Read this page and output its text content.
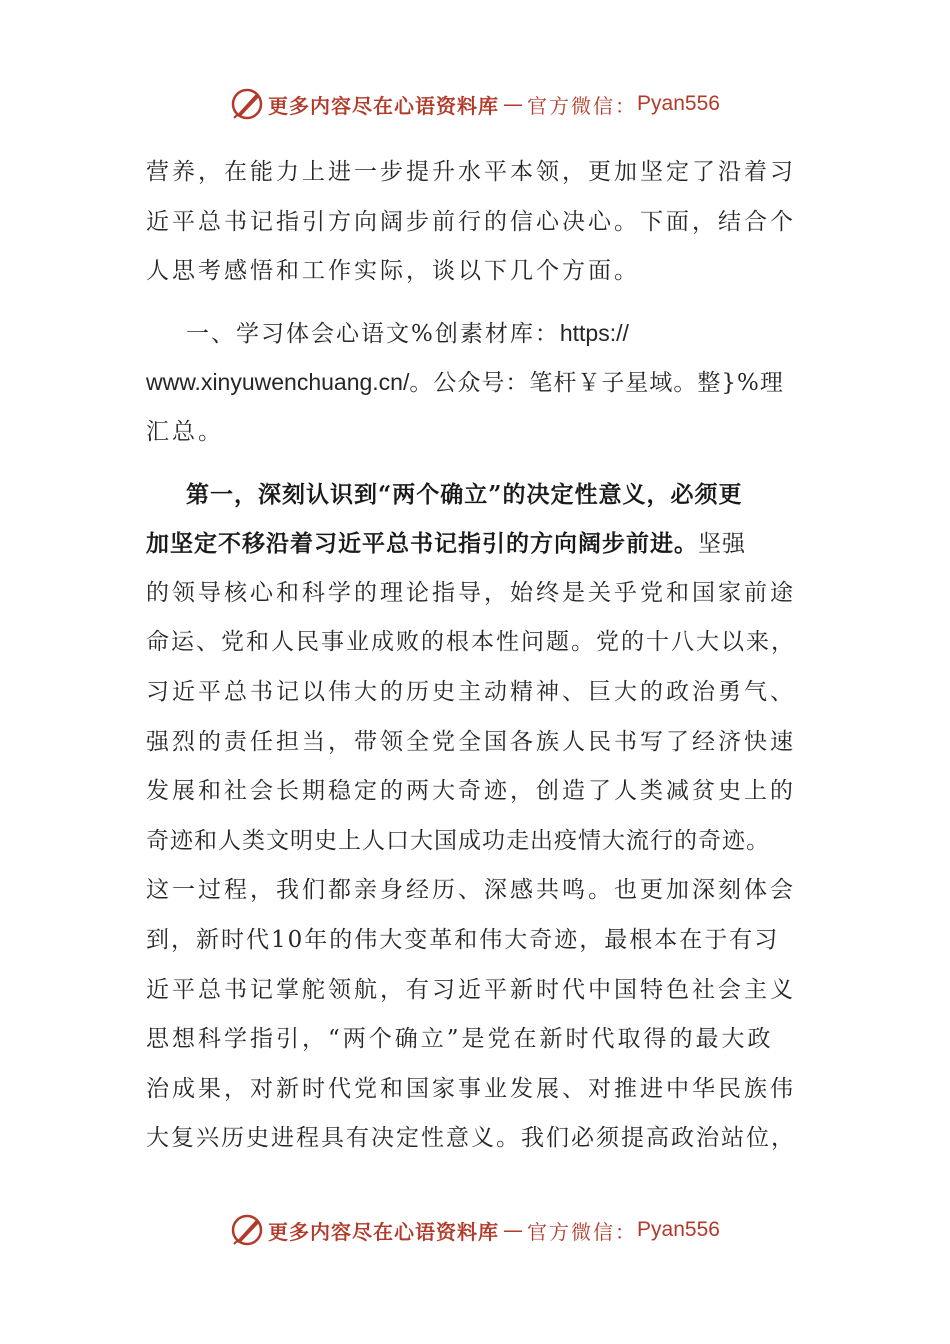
更多内容尽在心语资料库 — 官方微信： Pyan556
营养，在能力上进一步提升水平本领，更加坚定了沿着习
近平总书记指引方向阔步前行的信心决心。下面，结合个
人思考感悟和工作实际，谈以下几个方面。
一、学习体会心语文%创素材库：https://
www.xinyuwenchuang.cn/。公众号：笔杆￥子星域。整}%理
汇总。
第一，深刻认识到“两个确立”的决定性意义，必须更
加坚定不移沿着习近平总书记指引的方向阔步前进。坚强
的领导核心和科学的理论指导，始终是关乎党和国家前途
命运、党和人民事业成败的根本性问题。党的十八大以来，
习近平总书记以伟大的历史主动精神、巨大的政治勇气、
强烈的责任担当，带领全党全国各族人民书写了经济快速
发展和社会长期稳定的两大奇迹，创造了人类减贫史上的
奇迹和人类文明史上人口大国成功走出疫情大流行的奇迹。
这一过程，我们都亲身经历、深感共鸣。也更加深刻体会
到，新时代10年的伟大变革和伟大奇迹，最根本在于有习
近平总书记掌舵领航，有习近平新时代中国特色社会主义
思想科学指引，“两个确立”是党在新时代取得的最大政
治成果，对新时代党和国家事业发展、对推进中华民族伟
大复兴历史进程具有决定性意义。我们必须提高政治站位，
更多内容尽在心语资料库 — 官方微信： Pyan556
